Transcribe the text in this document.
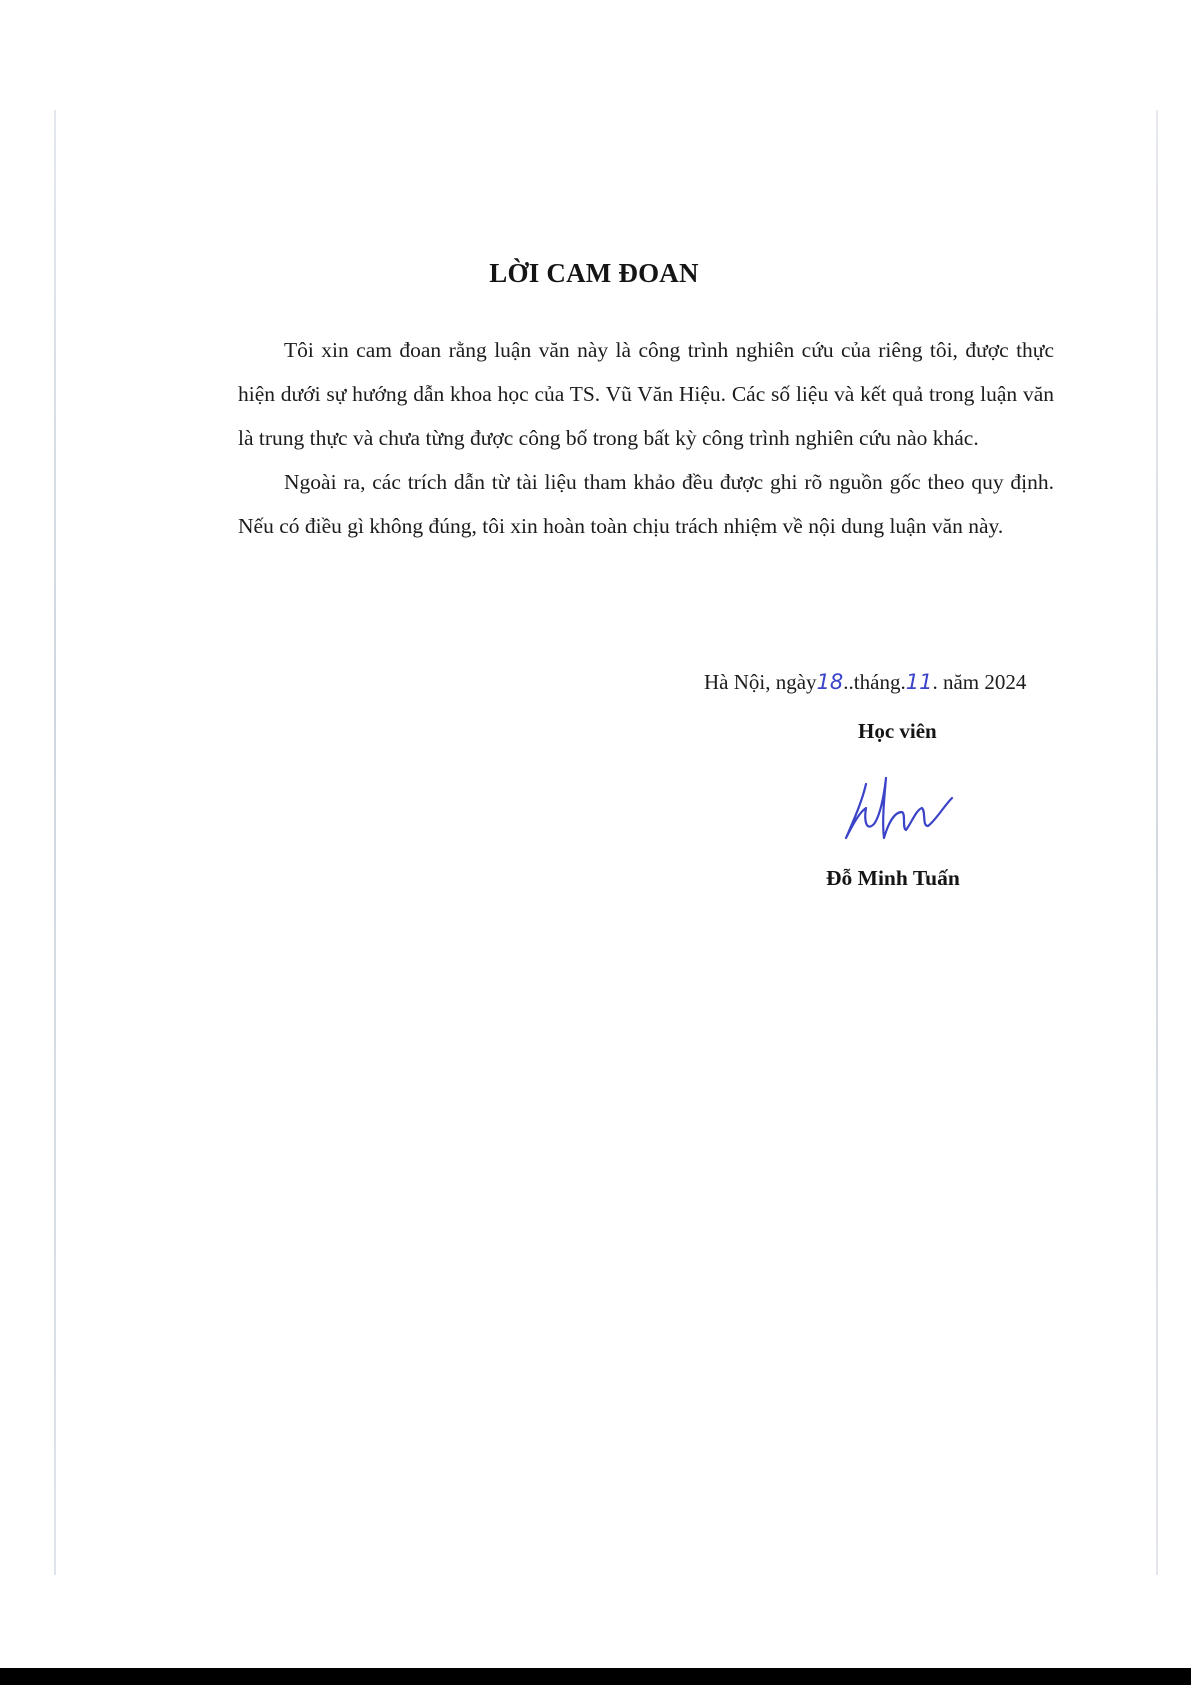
LỜI CAM ĐOAN

Tôi xin cam đoan rằng luận văn này là công trình nghiên cứu của riêng tôi, được thực hiện dưới sự hướng dẫn khoa học của TS. Vũ Văn Hiệu. Các số liệu và kết quả trong luận văn là trung thực và chưa từng được công bố trong bất kỳ công trình nghiên cứu nào khác.

Ngoài ra, các trích dẫn từ tài liệu tham khảo đều được ghi rõ nguồn gốc theo quy định. Nếu có điều gì không đúng, tôi xin hoàn toàn chịu trách nhiệm về nội dung luận văn này.

Hà Nội, ngày18..tháng.11. năm 2024
Học viên
Đỗ Minh Tuấn
